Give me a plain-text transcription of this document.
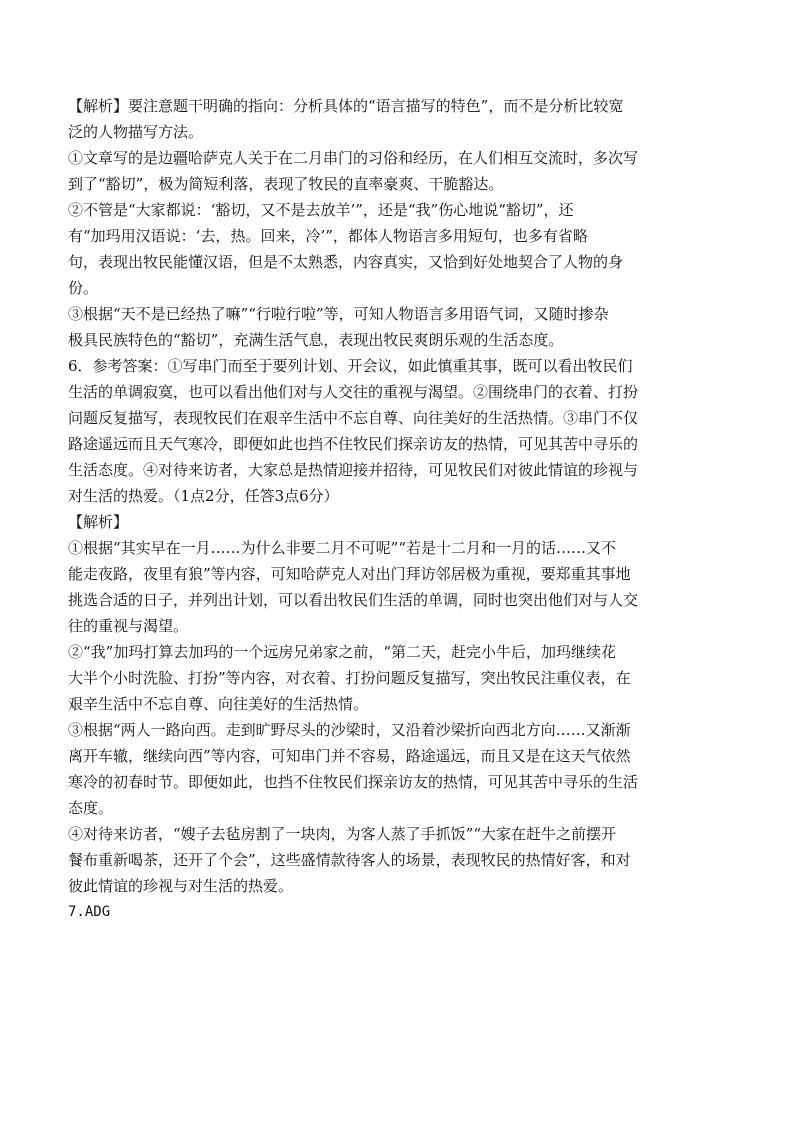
【解析】要注意题干明确的指向：分析具体的“语言描写的特色”，而不是分析比较宽
泛的人物描写方法。
①文章写的是边疆哈萨克人关于在二月串门的习俗和经历，在人们相互交流时，多次写
到了“豁切”，极为简短利落，表现了牧民的直率豪爽、干脆豁达。
②不管是“大家都说：‘豁切，又不是去放羊’”，还是“我”伤心地说“豁切”，还
有“加玛用汉语说：‘去，热。回来，冷’”，都体人物语言多用短句，也多有省略
句，表现出牧民能懂汉语，但是不太熟悉，内容真实，又恰到好处地契合了人物的身
份。
③根据“天不是已经热了嘛”“行啦行啦”等，可知人物语言多用语气词，又随时掺杂
极具民族特色的“豁切”，充满生活气息，表现出牧民爽朗乐观的生活态度。
6．参考答案：①写串门而至于要列计划、开会议，如此慎重其事，既可以看出牧民们
生活的单调寂寞，也可以看出他们对与人交往的重视与渴望。②围绕串门的衣着、打扮
问题反复描写，表现牧民们在艰辛生活中不忘自尊、向往美好的生活热情。③串门不仅
路途遥远而且天气寒冷，即便如此也挡不住牧民们探亲访友的热情，可见其苦中寻乐的
生活态度。④对待来访者，大家总是热情迎接并招待，可见牧民们对彼此情谊的珍视与
对生活的热爱。（1点2分，任答3点6分）
【解析】
①根据“其实早在一月……为什么非要二月不可呢”“若是十二月和一月的话……又不
能走夜路，夜里有狼”等内容，可知哈萨克人对出门拜访邻居极为重视，要郑重其事地
挑选合适的日子，并列出计划，可以看出牧民们生活的单调，同时也突出他们对与人交
往的重视与渴望。
②“我”加玛打算去加玛的一个远房兄弟家之前，“第二天，赶完小牛后，加玛继续花
大半个小时洗脸、打扮”等内容，对衣着、打扮问题反复描写，突出牧民注重仪表，在
艰辛生活中不忘自尊、向往美好的生活热情。
③根据“两人一路向西。走到旷野尽头的沙梁时，又沿着沙梁折向西北方向……又渐渐
离开车辙，继续向西”等内容，可知串门并不容易，路途遥远，而且又是在这天气依然
寒冷的初春时节。即便如此，也挡不住牧民们探亲访友的热情，可见其苦中寻乐的生活
态度。
④对待来访者，“嫂子去毡房割了一块肉，为客人蒸了手抓饭”“大家在赶牛之前摆开
餐布重新喝茶，还开了个会”，这些盛情款待客人的场景，表现牧民的热情好客，和对
彼此情谊的珍视与对生活的热爱。
7.ADG
